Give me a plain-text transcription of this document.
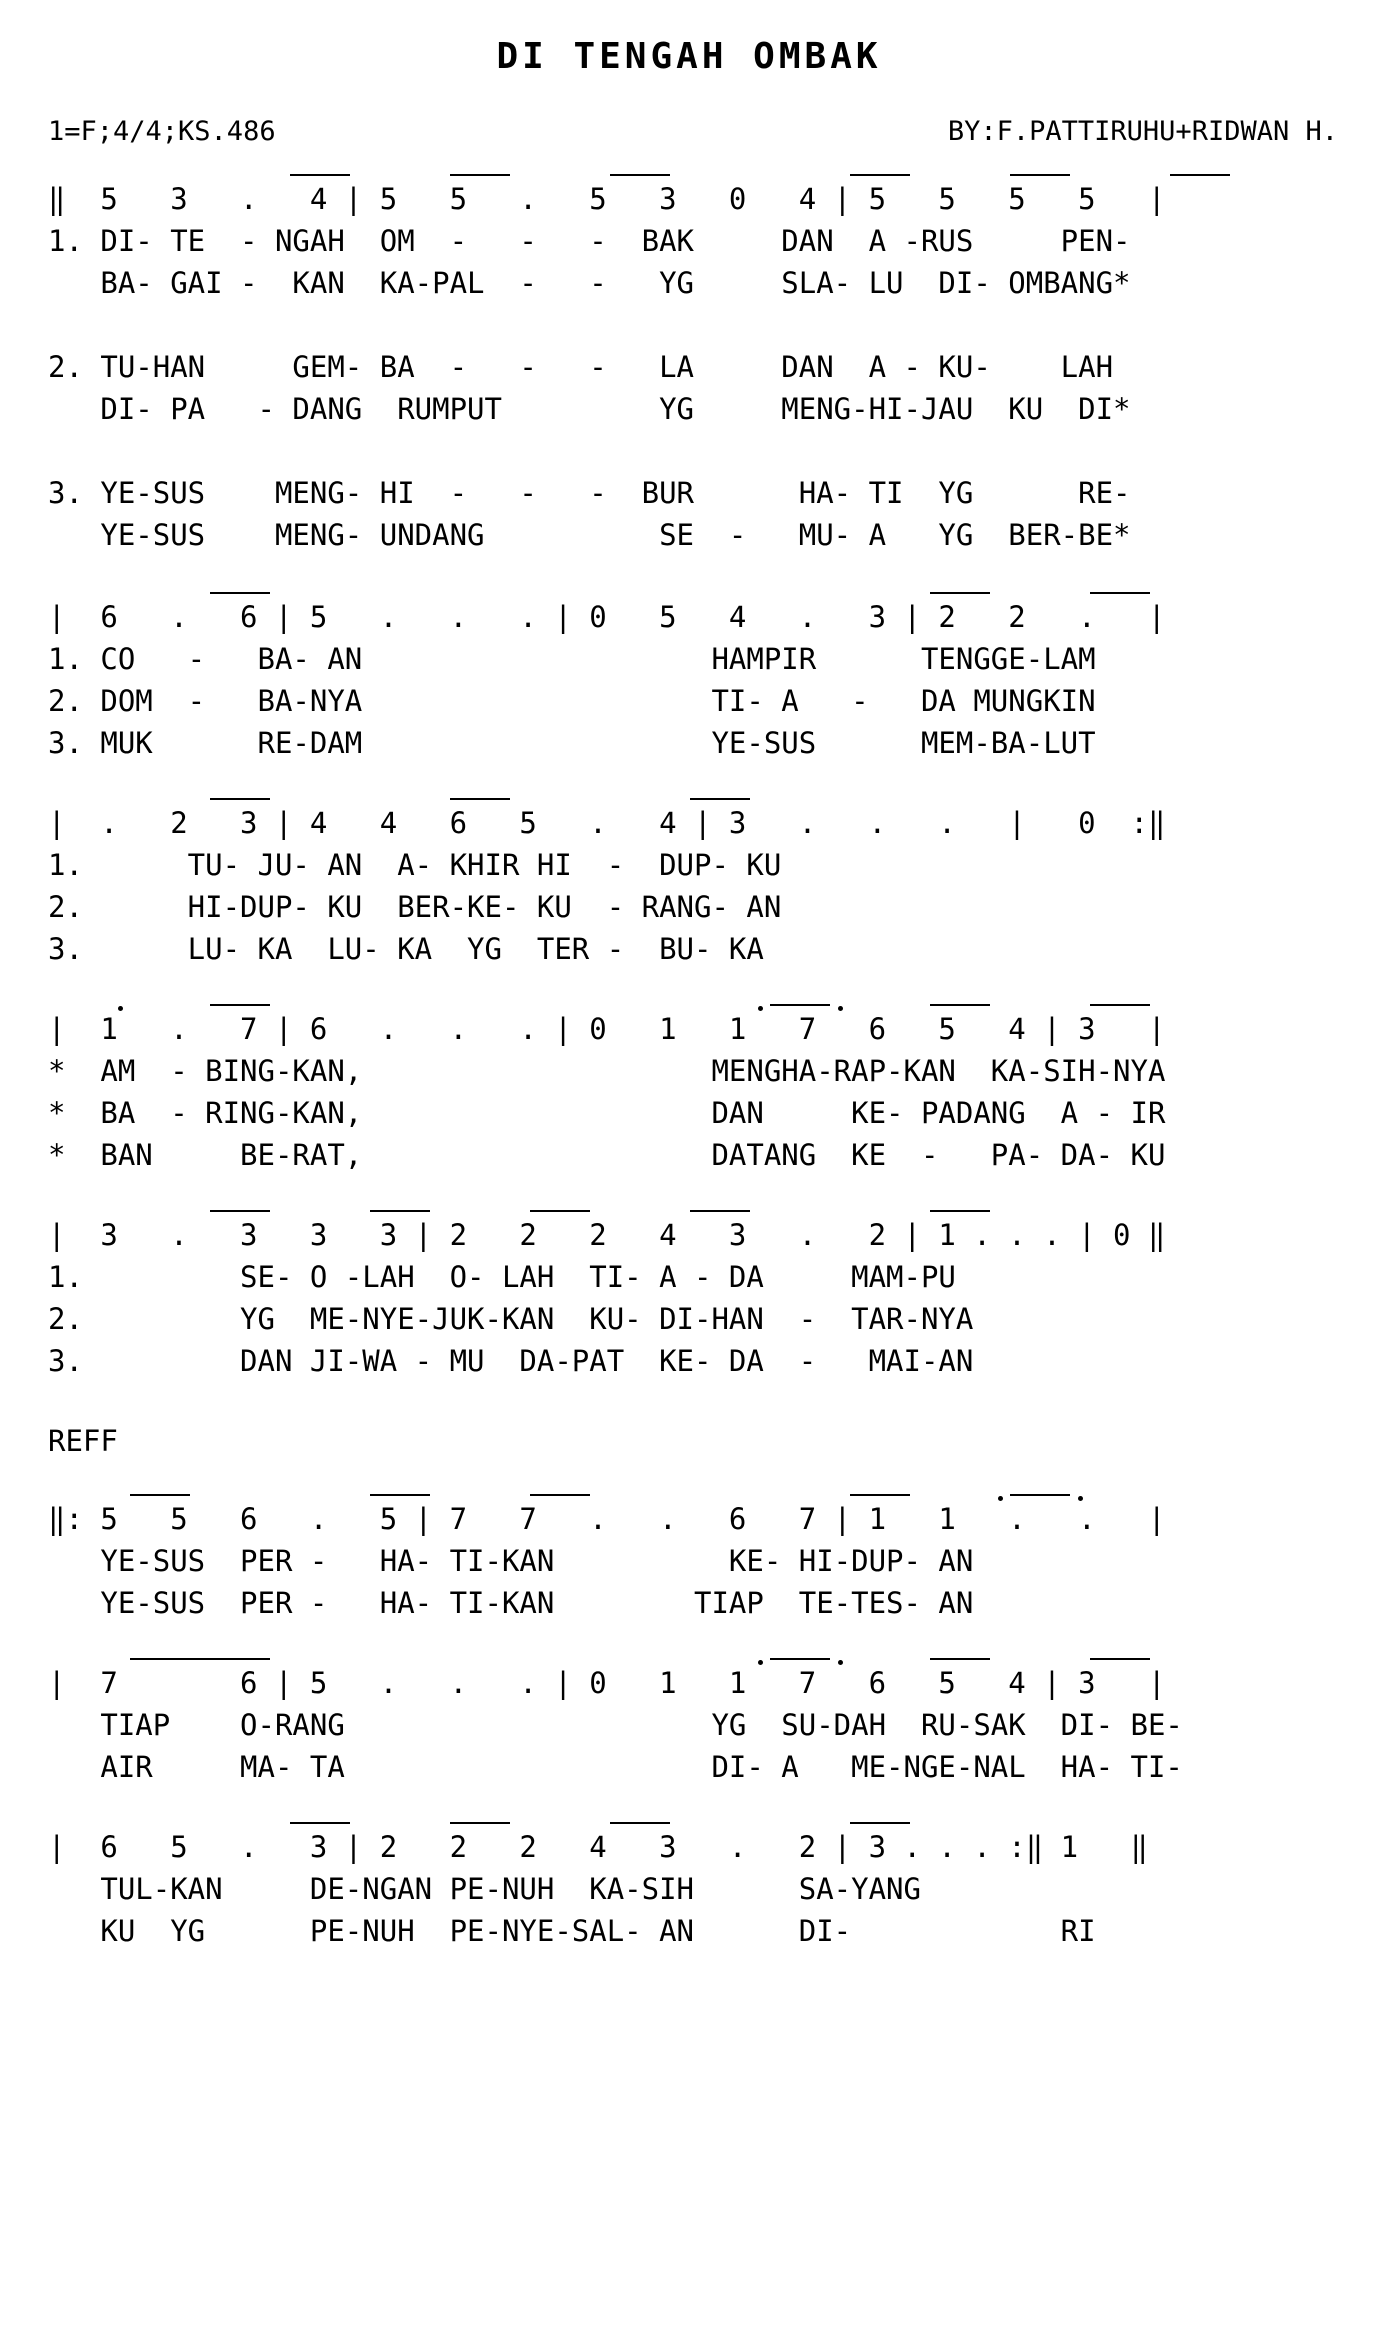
DI TENGAH OMBAK
1=F;4/4;KS.486	BY:F.PATTIRUHU+RIDWAN H.
‖  5   3   .   4 | 5   5   .   5   3   0   4 | 5   5   5   5   |
1. DI- TE  - NGAH  OM  -   -   -  BAK     DAN  A -RUS     PEN-
BA- GAI -  KAN  KA-PAL  -   -   YG     SLA- LU  DI- OMBANG*
2. TU-HAN     GEM- BA  -   -   -   LA     DAN  A - KU-    LAH
DI- PA   - DANG  RUMPUT         YG     MENG-HI-JAU  KU  DI*
3. YE-SUS    MENG- HI  -   -   -  BUR      HA- TI  YG      RE-
YE-SUS    MENG- UNDANG          SE  -   MU- A   YG  BER-BE*
|  6   .   6 | 5   .   .   . | 0   5   4   .   3 | 2   2   .   |
1. CO   -   BA- AN                    HAMPIR      TENGGE-LAM
2. DOM  -   BA-NYA                    TI- A   -   DA MUNGKIN
3. MUK      RE-DAM                    YE-SUS      MEM-BA-LUT
|  .   2   3 | 4   4   6   5   .   4 | 3   .   .   .   |   0  :‖
1.      TU- JU- AN  A- KHIR HI  -  DUP- KU
2.      HI-DUP- KU  BER-KE- KU  - RANG- AN
3.      LU- KA  LU- KA  YG  TER -  BU- KA
|  1   .   7 | 6   .   .   . | 0   1   1   7   6   5   4 | 3   |
*  AM  - BING-KAN,                    MENGHA-RAP-KAN  KA-SIH-NYA
*  BA  - RING-KAN,                    DAN     KE- PADANG  A - IR
*  BAN     BE-RAT,                    DATANG  KE  -   PA- DA- KU
|  3   .   3   3   3 | 2   2   2   4   3   .   2 | 1 . . . | 0 ‖
1.         SE- O -LAH  O- LAH  TI- A - DA     MAM-PU
2.         YG  ME-NYE-JUK-KAN  KU- DI-HAN  -  TAR-NYA
3.         DAN JI-WA - MU  DA-PAT  KE- DA  -   MAI-AN
REFF
‖: 5   5   6   .   5 | 7   7   .   .   6   7 | 1   1   .   .   |
YE-SUS  PER -   HA- TI-KAN          KE- HI-DUP- AN
YE-SUS  PER -   HA- TI-KAN        TIAP  TE-TES- AN
|  7       6 | 5   .   .   . | 0   1   1   7   6   5   4 | 3   |
TIAP    O-RANG                     YG  SU-DAH  RU-SAK  DI- BE-
AIR     MA- TA                     DI- A   ME-NGE-NAL  HA- TI-
|  6   5   .   3 | 2   2   2   4   3   .   2 | 3 . . . :‖ 1   ‖
TUL-KAN     DE-NGAN PE-NUH  KA-SIH      SA-YANG
KU  YG      PE-NUH  PE-NYE-SAL- AN      DI-            RI
